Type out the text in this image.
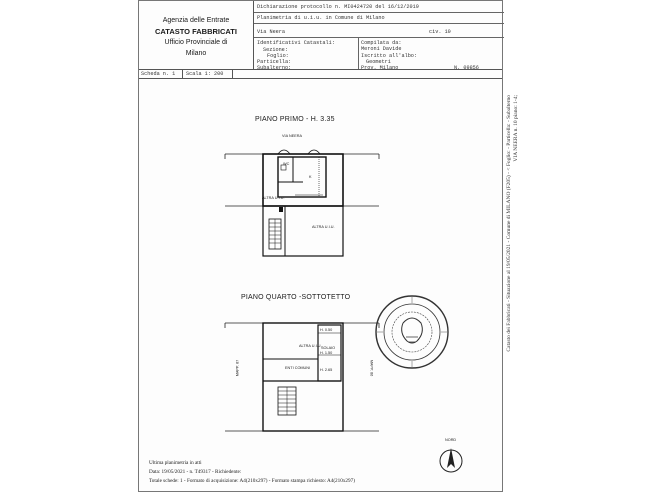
Agenzia delle Entrate
CATASTO FABBRICATI
Ufficio Provinciale di
Milano
Dichiarazione protocollo n. MI0424720 del 16/12/2019
Planimetria di u.i.u. in Comune di Milano
Via Neera	civ. 10
Identificativi Catastali:
Sezione:
Foglio:
Particella:
Subalterno:
Compilata da:
Meroni Davide
Iscritto all'albo:
Geometri
Prov. Milano	N. 09856
Scheda n. 1 Scala 1: 200
PIANO PRIMO - H. 3.35
VIA NEERA
WC
K
ALTRA U.I.U.
ALTRA U.I.U.
PIANO QUARTO -SOTTOTETTO
H. 0.50
SOLAIO
H. 1.50
ALTRA U.I.U.
ENTI COMUNI	H. 2.65
MAPP. 87	MAPP. 86
Ultima planimetria in atti
Data: 19/05/2021 - n. T49317 - Richiedente:
Totale schede: 1 - Formato di acquisizione: A4(210x297) - Formato stampa richiesto: A4(210x297)
NORD
Catasto dei Fabbricati - Situazione al 19/05/2021 - Comune di MILANO (F205) - < Foglio: - Particella: - Subalterno VIA NEERA n. 10 piano: 1-4;
